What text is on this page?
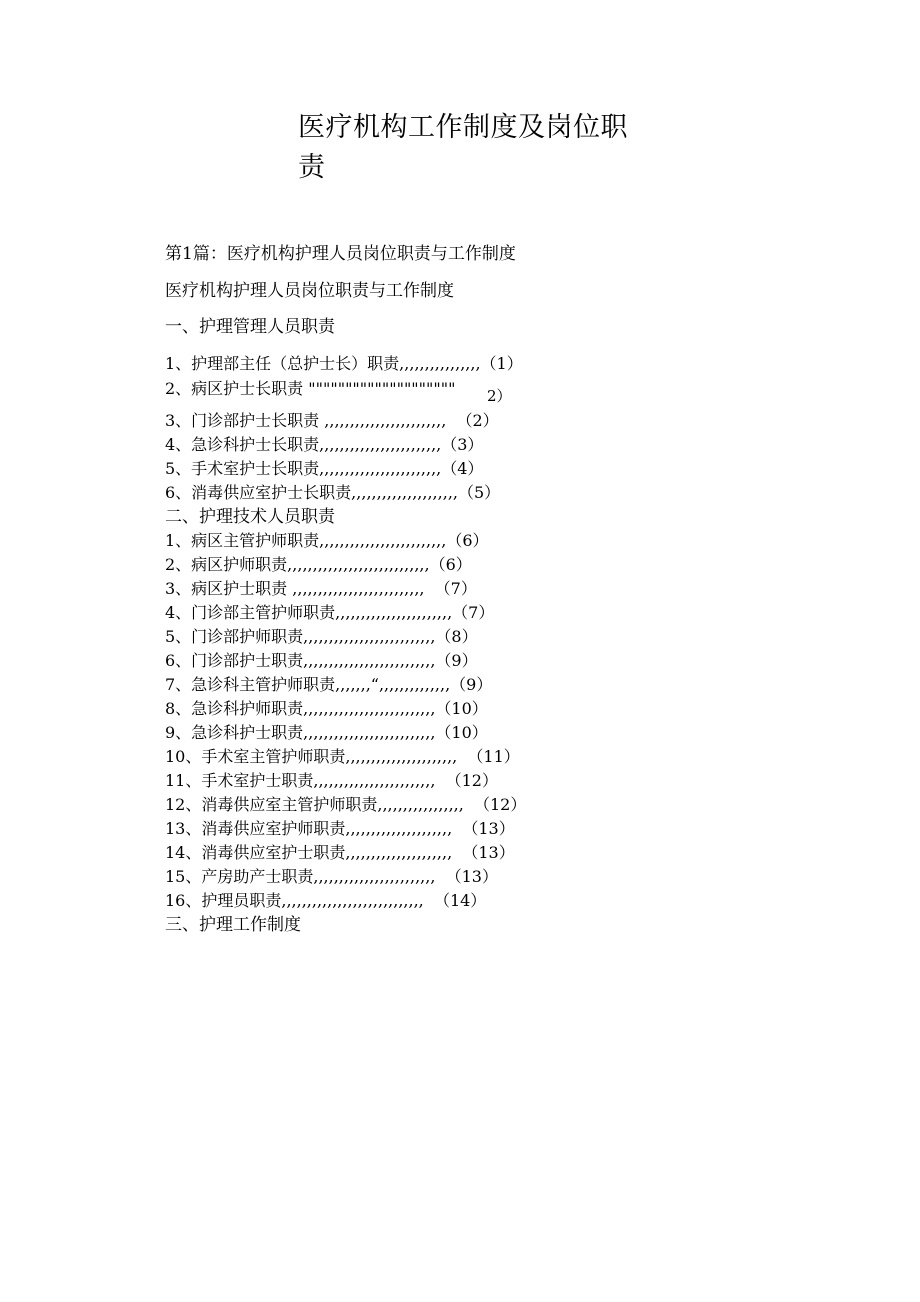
医疗机构工作制度及岗位职
责

第1篇：医疗机构护理人员岗位职责与工作制度

医疗机构护理人员岗位职责与工作制度

一、护理管理人员职责

1、护理部主任（总护士长）职责,,,,,,,,,,,,,,,,（1）

2、病区护士长职责 """""""""""""""""""" 2）

3、门诊部护士长职责 ,,,,,,,,,,,,,,,,,,,,,,,,  （2）

4、急诊科护士长职责,,,,,,,,,,,,,,,,,,,,,,,,（3）

5、手术室护士长职责,,,,,,,,,,,,,,,,,,,,,,,,（4）

6、消毒供应室护士长职责,,,,,,,,,,,,,,,,,,,,,（5）

二、护理技术人员职责

1、病区主管护师职责,,,,,,,,,,,,,,,,,,,,,,,,,（6）

2、病区护师职责,,,,,,,,,,,,,,,,,,,,,,,,,,,,（6）

3、病区护士职责 ,,,,,,,,,,,,,,,,,,,,,,,,,,  （7）

4、门诊部主管护师职责,,,,,,,,,,,,,,,,,,,,,,,（7）

5、门诊部护师职责,,,,,,,,,,,,,,,,,,,,,,,,,,（8）

6、门诊部护士职责,,,,,,,,,,,,,,,,,,,,,,,,,,（9）

7、急诊科主管护师职责,,,,,,,“,,,,,,,,,,,,,,（9）

8、急诊科护师职责,,,,,,,,,,,,,,,,,,,,,,,,,,（10）

9、急诊科护士职责,,,,,,,,,,,,,,,,,,,,,,,,,,（10）

10、手术室主管护师职责,,,,,,,,,,,,,,,,,,,,,,  （11）

11、手术室护士职责,,,,,,,,,,,,,,,,,,,,,,,,  （12）

12、消毒供应室主管护师职责,,,,,,,,,,,,,,,,,  （12）

13、消毒供应室护师职责,,,,,,,,,,,,,,,,,,,,,  （13）

14、消毒供应室护士职责,,,,,,,,,,,,,,,,,,,,,  （13）

15、产房助产士职责,,,,,,,,,,,,,,,,,,,,,,,,  （13）

16、护理员职责,,,,,,,,,,,,,,,,,,,,,,,,,,,,  （14）

三、护理工作制度
